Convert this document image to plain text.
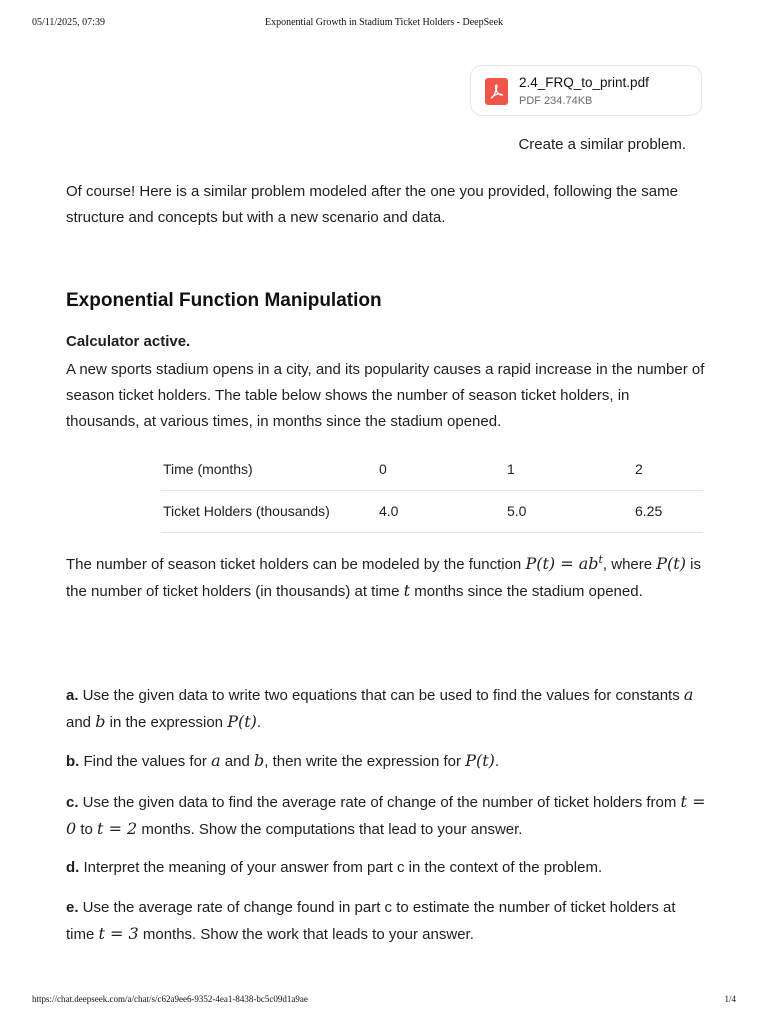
05/11/2025, 07:39	Exponential Growth in Stadium Ticket Holders - DeepSeek
2.4_FRQ_to_print.pdf
PDF 234.74KB
Create a similar problem.

Of course! Here is a similar problem modeled after the one you provided, following the same structure and concepts but with a new scenario and data.

Exponential Function Manipulation
Calculator active.

A new sports stadium opens in a city, and its popularity causes a rapid increase in the number of season ticket holders. The table below shows the number of season ticket holders, in thousands, at various times, in months since the stadium opened.

Time (months)	0	1	2
Ticket Holders (thousands)	4.0	5.0	6.25

The number of season ticket holders can be modeled by the function $P(t) = ab^t$, where P(t) is the number of ticket holders (in thousands) at time t months since the stadium opened.

a. Use the given data to write two equations that can be used to find the values for constants a and b in the expression P(t).

b. Find the values for a and b, then write the expression for P(t).

c. Use the given data to find the average rate of change of the number of ticket holders from t = 0 to t = 2 months. Show the computations that lead to your answer.

d. Interpret the meaning of your answer from part c in the context of the problem.

e. Use the average rate of change found in part c to estimate the number of ticket holders at time t = 3 months. Show the work that leads to your answer.

https://chat.deepseek.com/a/chat/s/c62a9ee6-9352-4ea1-8438-bc5c09d1a9ae	1/4
